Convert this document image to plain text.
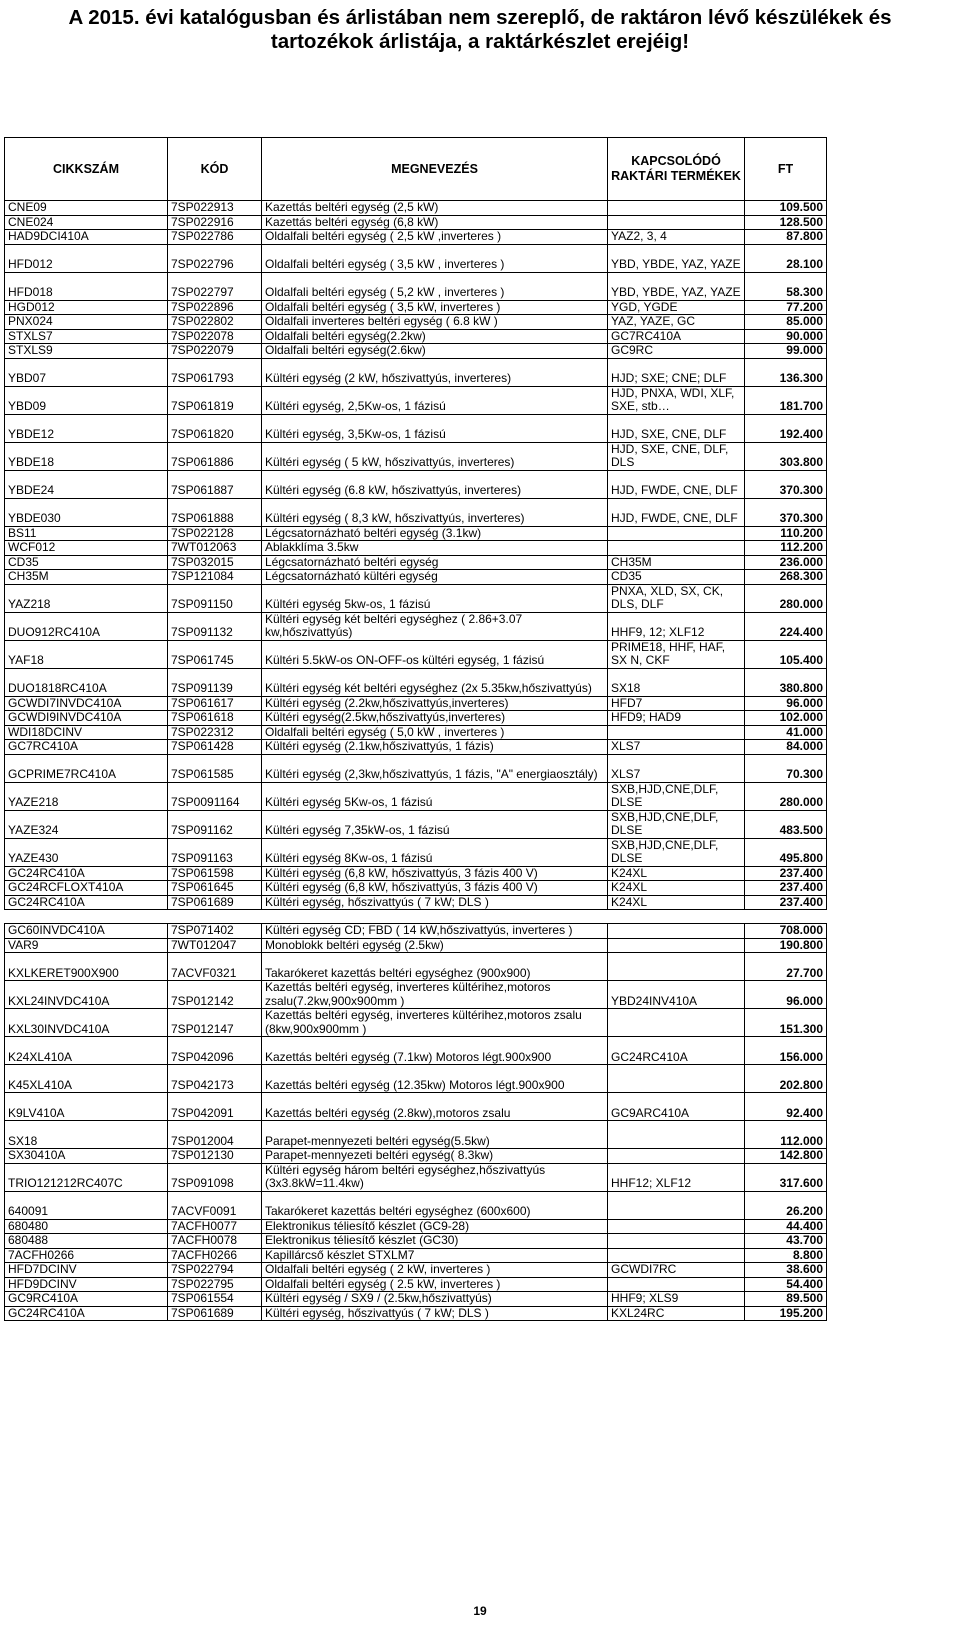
A 2015. évi katalógusban és árlistában nem szereplő, de raktáron lévő készülékek és
tartozékok árlistája, a raktárkészlet erejéig!
CIKKSZÁM	KÓD	MEGNEVEZÉS	KAPCSOLÓDÓ RAKTÁRI TERMÉKEK	FT
CNE09	7SP022913	Kazettás beltéri egység (2,5 kW)		109.500
CNE024	7SP022916	Kazettás beltéri egység (6,8 kW)		128.500
HAD9DCI410A	7SP022786	Oldalfali beltéri egység ( 2,5 kW ,inverteres )	YAZ2, 3, 4	87.800
HFD012	7SP022796	Oldalfali beltéri egység ( 3,5 kW , inverteres )	YBD, YBDE, YAZ, YAZE	28.100
HFD018	7SP022797	Oldalfali beltéri egység ( 5,2 kW , inverteres )	YBD, YBDE, YAZ, YAZE	58.300
HGD012	7SP022896	Oldalfali beltéri egység ( 3,5 kW, inverteres )	YGD, YGDE	77.200
PNX024	7SP022802	Oldalfali inverteres beltéri egység ( 6.8 kW )	YAZ, YAZE, GC	85.000
STXLS7	7SP022078	Oldalfali beltéri egység(2.2kw)	GC7RC410A	90.000
STXLS9	7SP022079	Oldalfali beltéri egység(2.6kw)	GC9RC	99.000
YBD07	7SP061793	Kültéri egység (2 kW, hőszivattyús, inverteres)	HJD; SXE; CNE; DLF	136.300
YBD09	7SP061819	Kültéri egység, 2,5Kw-os, 1 fázisú	HJD, PNXA, WDI, XLF, SXE, stb…	181.700
YBDE12	7SP061820	Kültéri egység, 3,5Kw-os, 1 fázisú	HJD, SXE, CNE, DLF	192.400
YBDE18	7SP061886	Kültéri egység ( 5 kW, hőszivattyús, inverteres)	HJD, SXE, CNE, DLF, DLS	303.800
YBDE24	7SP061887	Kültéri egység (6.8 kW, hőszivattyús, inverteres)	HJD, FWDE, CNE, DLF	370.300
YBDE030	7SP061888	Kültéri egység ( 8,3 kW, hőszivattyús, inverteres)	HJD, FWDE, CNE, DLF	370.300
BS11	7SP022128	Légcsatornázható beltéri egység (3.1kw)		110.200
WCF012	7WT012063	Ablakklíma 3.5kw		112.200
CD35	7SP032015	Légcsatornázható beltéri egység	CH35M	236.000
CH35M	7SP121084	Légcsatornázható kültéri egység	CD35	268.300
YAZ218	7SP091150	Kültéri egység 5kw-os, 1 fázisú	PNXA, XLD, SX, CK, DLS, DLF	280.000
DUO912RC410A	7SP091132	Kültéri egység két beltéri egységhez ( 2.86+3.07 kw,hőszivattyús)	HHF9, 12; XLF12	224.400
YAF18	7SP061745	Kültéri 5.5kW-os ON-OFF-os kültéri egység, 1 fázisú	PRIME18, HHF, HAF, SX N, CKF	105.400
DUO1818RC410A	7SP091139	Kültéri egység két beltéri egységhez (2x 5.35kw,hőszivattyús)	SX18	380.800
GCWDI7INVDC410A	7SP061617	Kültéri egység (2.2kw,hőszivattyús,inverteres)	HFD7	96.000
GCWDI9INVDC410A	7SP061618	Kültéri egység(2.5kw,hőszivattyús,inverteres)	HFD9; HAD9	102.000
WDI18DCINV	7SP022312	Oldalfali beltéri egység ( 5,0 kW , inverteres )		41.000
GC7RC410A	7SP061428	Kültéri egység (2.1kw,hőszivattyús, 1 fázis)	XLS7	84.000
GCPRIME7RC410A	7SP061585	Kültéri egység (2,3kw,hőszivattyús, 1 fázis, "A" energiaosztály)	XLS7	70.300
YAZE218	7SP0091164	Kültéri egység 5Kw-os, 1 fázisú	SXB,HJD,CNE,DLF, DLSE	280.000
YAZE324	7SP091162	Kültéri egység 7,35kW-os, 1 fázisú	SXB,HJD,CNE,DLF, DLSE	483.500
YAZE430	7SP091163	Kültéri egység 8Kw-os, 1 fázisú	SXB,HJD,CNE,DLF, DLSE	495.800
GC24RC410A	7SP061598	Kültéri egység (6,8 kW, hőszivattyús, 3 fázis 400 V)	K24XL	237.400
GC24RCFLOXT410A	7SP061645	Kültéri egység (6,8 kW, hőszivattyús, 3 fázis 400 V)	K24XL	237.400
GC24RC410A	7SP061689	Kültéri egység, hőszivattyús ( 7 kW; DLS )	K24XL	237.400

GC60INVDC410A	7SP071402	Kültéri egység CD; FBD ( 14 kW,hőszivattyús, inverteres )		708.000
VAR9	7WT012047	Monoblokk beltéri egység (2.5kw)		190.800
KXLKERET900X900	7ACVF0321	Takarókeret kazettás beltéri egységhez (900x900)		27.700
KXL24INVDC410A	7SP012142	Kazettás beltéri egység, inverteres kültérihez,motoros zsalu(7.2kw,900x900mm )	YBD24INV410A	96.000
KXL30INVDC410A	7SP012147	Kazettás beltéri egység, inverteres kültérihez,motoros zsalu (8kw,900x900mm )		151.300
K24XL410A	7SP042096	Kazettás beltéri egység (7.1kw) Motoros légt.900x900	GC24RC410A	156.000
K45XL410A	7SP042173	Kazettás beltéri egység (12.35kw) Motoros légt.900x900		202.800
K9LV410A	7SP042091	Kazettás beltéri egység (2.8kw),motoros zsalu	GC9ARC410A	92.400
SX18	7SP012004	Parapet-mennyezeti beltéri egység(5.5kw)		112.000
SX30410A	7SP012130	Parapet-mennyezeti beltéri egység( 8.3kw)		142.800
TRIO121212RC407C	7SP091098	Kültéri egység három beltéri egységhez,hőszivattyús (3x3.8kW=11.4kw)	HHF12; XLF12	317.600
640091	7ACVF0091	Takarókeret kazettás beltéri egységhez (600x600)		26.200
680480	7ACFH0077	Elektronikus téliesítő készlet (GC9-28)		44.400
680488	7ACFH0078	Elektronikus téliesítő készlet (GC30)		43.700
7ACFH0266	7ACFH0266	Kapillárcső készlet STXLM7		8.800
HFD7DCINV	7SP022794	Oldalfali beltéri egység ( 2 kW, inverteres )	GCWDI7RC	38.600
HFD9DCINV	7SP022795	Oldalfali beltéri egység ( 2.5 kW, inverteres )		54.400
GC9RC410A	7SP061554	Kültéri egység / SX9 / (2.5kw,hőszivattyús)	HHF9; XLS9	89.500
GC24RC410A	7SP061689	Kültéri egység, hőszivattyús ( 7 kW; DLS )	KXL24RC	195.200
19
